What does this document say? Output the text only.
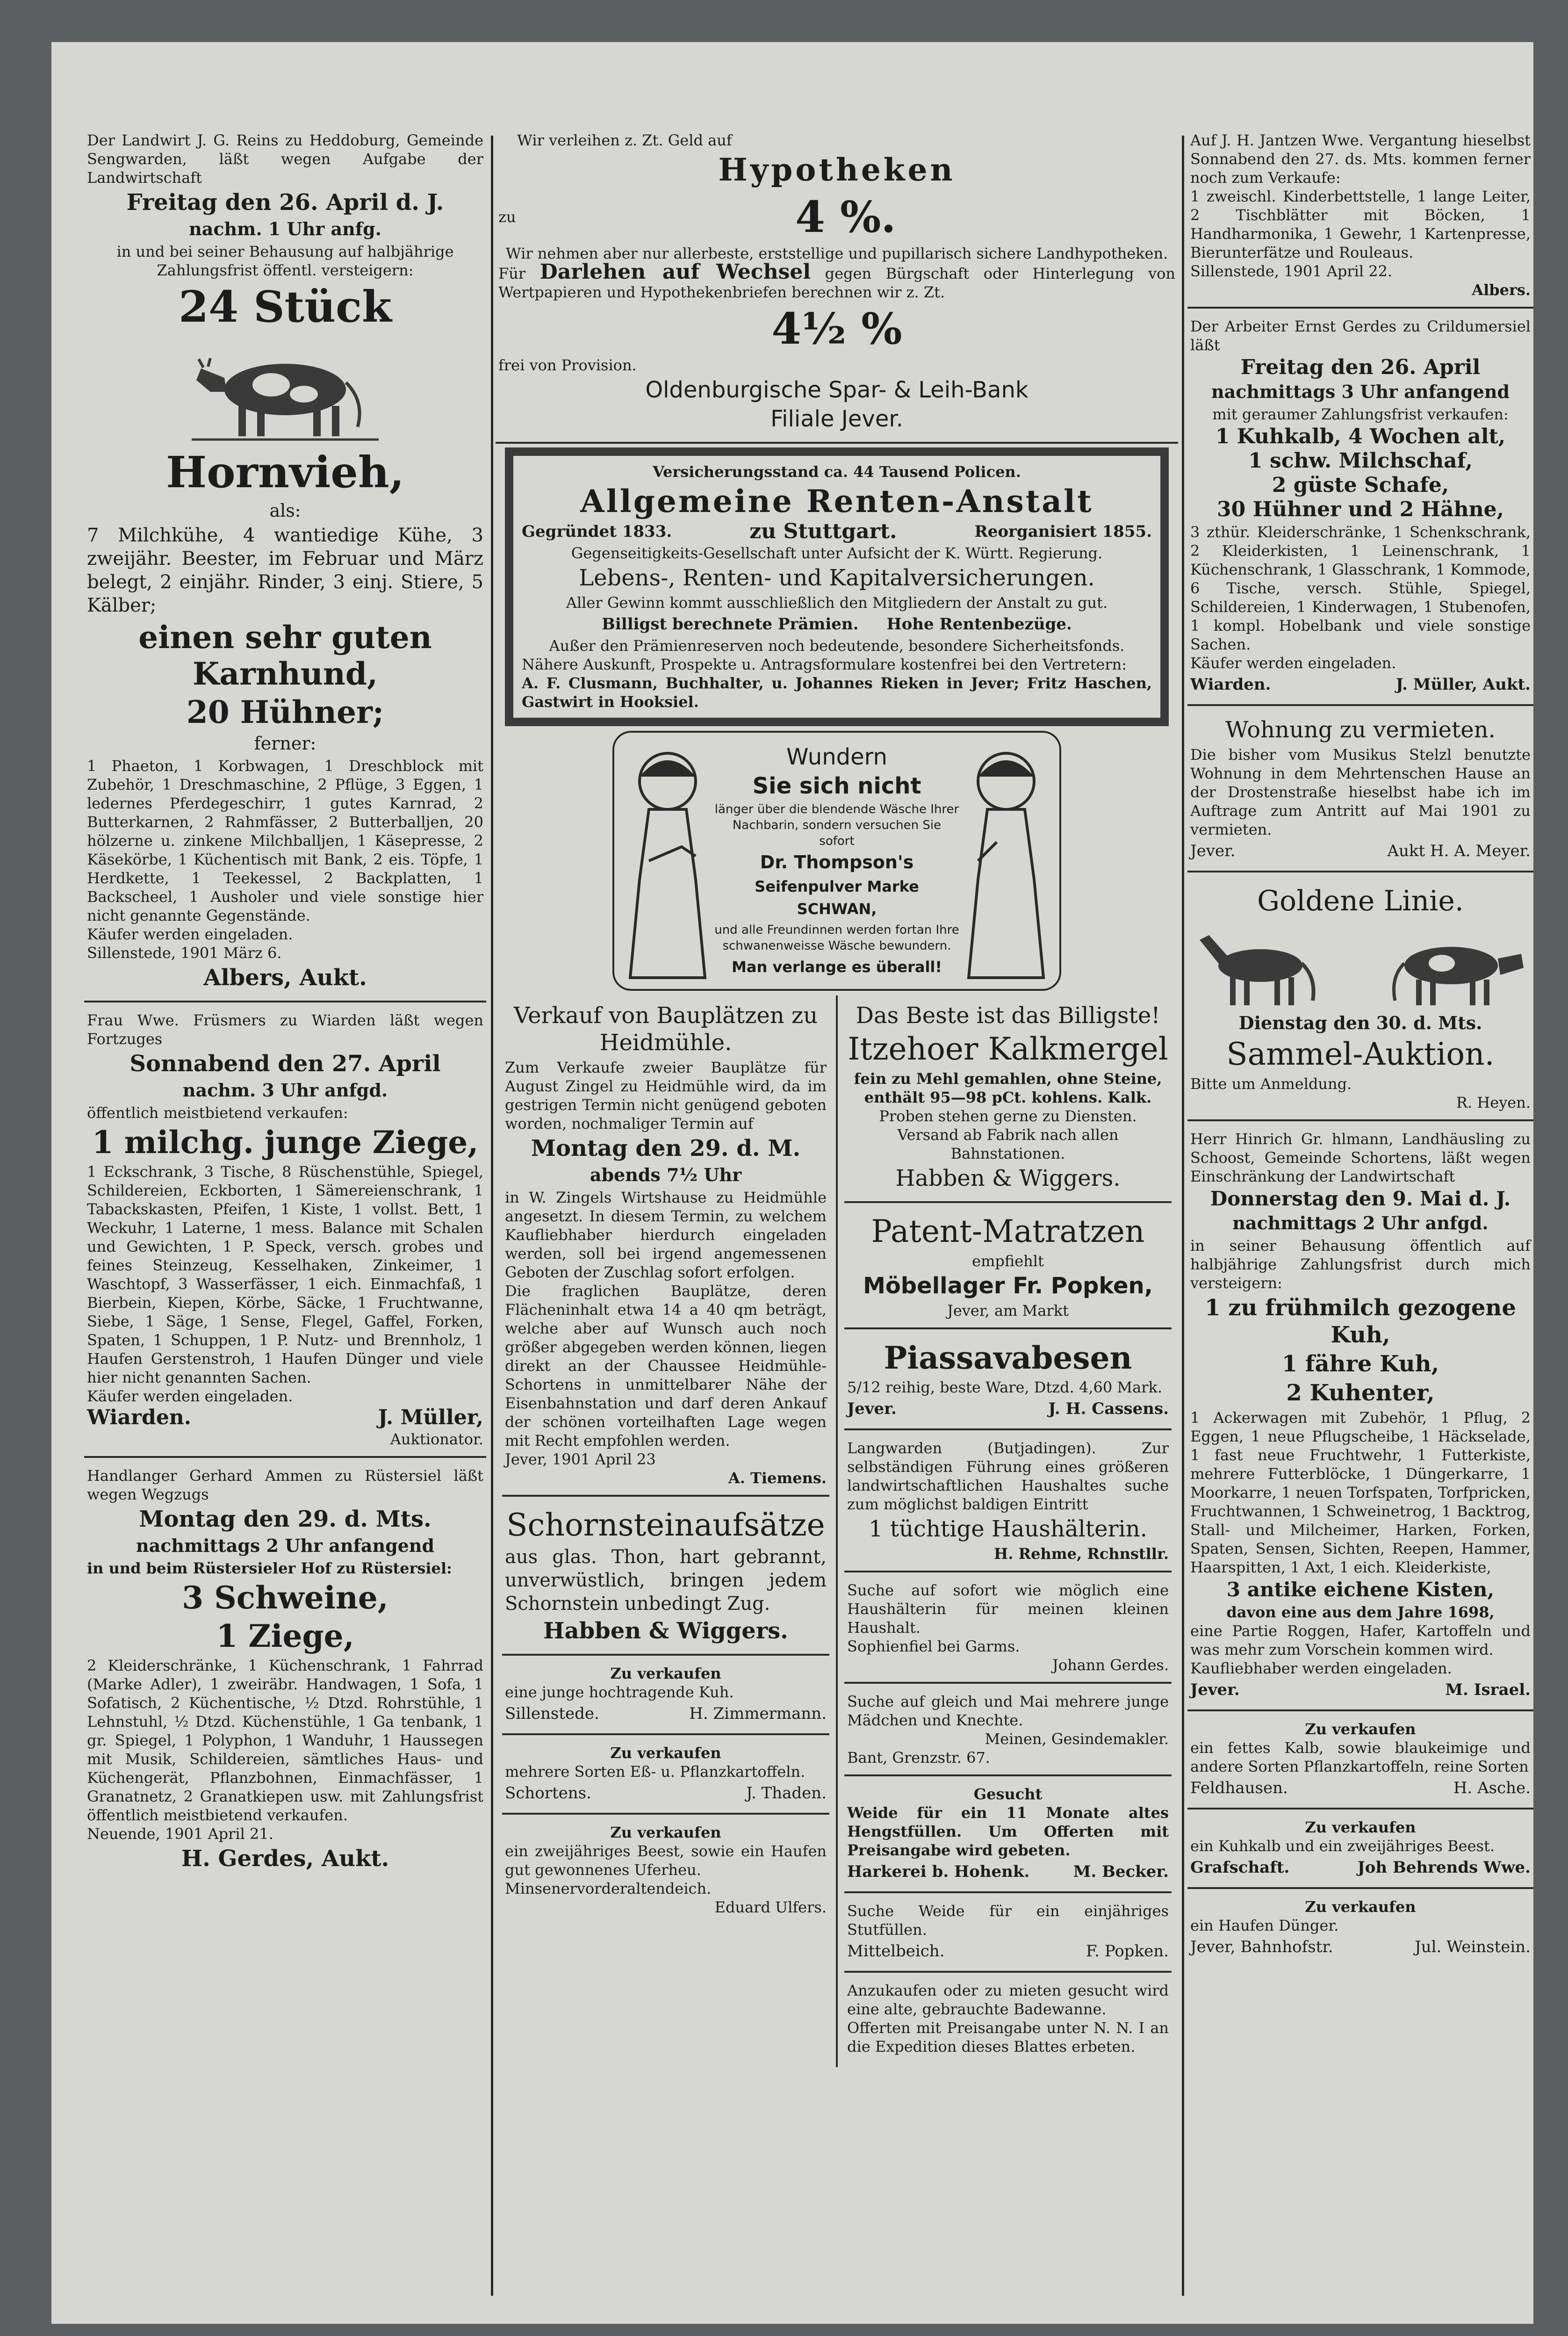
Der Landwirt J. G. Reins zu Heddoburg, Gemeinde Sengwarden, läßt wegen Aufgabe der Landwirtschaft

Freitag den 26. April d. J.

nachm. 1 Uhr anfg.

in und bei seiner Behausung auf halbjährige Zahlungsfrist öffentl. versteigern:

24 Stück

Hornvieh,

als:

7 Milchkühe, 4 wantiedige Kühe, 3 zweijähr. Beester, im Februar und März belegt, 2 einjähr. Rinder, 3 einj. Stiere, 5 Kälber;

einen sehr guten Karnhund,

20 Hühner;

ferner:

1 Phaeton, 1 Korbwagen, 1 Dreschblock mit Zubehör, 1 Dreschmaschine, 2 Pflüge, 3 Eggen, 1 ledernes Pferdegeschirr, 1 gutes Karnrad, 2 Butterkarnen, 2 Rahmfässer, 2 Butterballjen, 20 hölzerne u. zinkene Milchballjen, 1 Käsepresse, 2 Käsekörbe, 1 Küchentisch mit Bank, 2 eis. Töpfe, 1 Herdkette, 1 Teekessel, 2 Backplatten, 1 Backscheel, 1 Ausholer und viele sonstige hier nicht genannte Gegenstände.

Käufer werden eingeladen.

Sillenstede, 1901 März 6.

Albers, Aukt.

Frau Wwe. Früsmers zu Wiarden läßt wegen Fortzuges

Sonnabend den 27. April

nachm. 3 Uhr anfgd.

öffentlich meistbietend verkaufen:

1 milchg. junge Ziege,

1 Eckschrank, 3 Tische, 8 Rüschenstühle, Spiegel, Schildereien, Eckborten, 1 Sämereienschrank, 1 Tabackskasten, Pfeifen, 1 Kiste, 1 vollst. Bett, 1 Weckuhr, 1 Laterne, 1 mess. Balance mit Schalen und Gewichten, 1 P. Speck, versch. grobes und feines Steinzeug, Kesselhaken, Zinkeimer, 1 Waschtopf, 3 Wasserfässer, 1 eich. Einmachfaß, 1 Bierbein, Kiepen, Körbe, Säcke, 1 Fruchtwanne, Siebe, 1 Säge, 1 Sense, Flegel, Gaffel, Forken, Spaten, 1 Schuppen, 1 P. Nutz- und Brennholz, 1 Haufen Gerstenstroh, 1 Haufen Dünger und viele hier nicht genannten Sachen.

Käufer werden eingeladen.

Wiarden.	J. Müller,

Auktionator.

Handlanger Gerhard Ammen zu Rüstersiel läßt wegen Wegzugs

Montag den 29. d. Mts.

nachmittags 2 Uhr anfangend

in und beim Rüstersieler Hof zu Rüstersiel:

3 Schweine,

1 Ziege,

2 Kleiderschränke, 1 Küchenschrank, 1 Fahrrad (Marke Adler), 1 zweiräbr. Handwagen, 1 Sofa, 1 Sofatisch, 2 Küchentische, ½ Dtzd. Rohrstühle, 1 Lehnstuhl, ½ Dtzd. Küchenstühle, 1 Ga tenbank, 1 gr. Spiegel, 1 Polyphon, 1 Wanduhr, 1 Haussegen mit Musik, Schildereien, sämtliches Haus- und Küchengerät, Pflanzbohnen, Einmachfässer, 1 Granatnetz, 2 Granatkiepen usw. mit Zahlungsfrist öffentlich meistbietend verkaufen.

Neuende, 1901 April 21.

H. Gerdes, Aukt.

Wir verleihen z. Zt. Geld auf

Hypotheken

zu	4 %.

Wir nehmen aber nur allerbeste, erststellige und pupillarisch sichere Landhypotheken.

Für Darlehen auf Wechsel gegen Bürgschaft oder Hinterlegung von Wertpapieren und Hypothekenbriefen berechnen wir z. Zt.

4½ %

frei von Provision.

Oldenburgische Spar- & Leih-Bank

Filiale Jever.

Versicherungsstand ca. 44 Tausend Policen.

Allgemeine Renten-Anstalt

Gegründet 1833.	zu Stuttgart.	Reorganisiert 1855.

Gegenseitigkeits-Gesellschaft unter Aufsicht der K. Württ. Regierung.

Lebens-, Renten- und Kapitalversicherungen.

Aller Gewinn kommt ausschließlich den Mitgliedern der Anstalt zu gut.

Billigst berechnete Prämien. Hohe Rentenbezüge.

Außer den Prämienreserven noch bedeutende, besondere Sicherheitsfonds.

Nähere Auskunft, Prospekte u. Antragsformulare kostenfrei bei den Vertretern:

A. F. Clusmann, Buchhalter, u. Johannes Rieken in Jever; Fritz Haschen, Gastwirt in Hooksiel.

Wundern

Sie sich nicht

länger über die blendende Wäsche Ihrer Nachbarin, sondern versuchen Sie sofort

Dr. Thompson's

Seifenpulver Marke SCHWAN,

und alle Freundinnen werden fortan Ihre schwanenweisse Wäsche bewundern.

Man verlange es überall!

Verkauf von Bauplätzen zu Heidmühle.

Zum Verkaufe zweier Bauplätze für August Zingel zu Heidmühle wird, da im gestrigen Termin nicht genügend geboten worden, nochmaliger Termin auf

Montag den 29. d. M.

abends 7½ Uhr

in W. Zingels Wirtshause zu Heidmühle angesetzt. In diesem Termin, zu welchem Kaufliebhaber hierdurch eingeladen werden, soll bei irgend angemessenen Geboten der Zuschlag sofort erfolgen.

Die fraglichen Bauplätze, deren Flächeninhalt etwa 14 a 40 qm beträgt, welche aber auf Wunsch auch noch größer abgegeben werden können, liegen direkt an der Chaussee Heidmühle-Schortens in unmittelbarer Nähe der Eisenbahnstation und darf deren Ankauf der schönen vorteilhaften Lage wegen mit Recht empfohlen werden.

Jever, 1901 April 23

A. Tiemens.

Schornsteinaufsätze

aus glas. Thon, hart gebrannt, unverwüstlich, bringen jedem Schornstein unbedingt Zug.

Habben & Wiggers.

Zu verkaufen

eine junge hochtragende Kuh.

Sillenstede.	H. Zimmermann.

Zu verkaufen

mehrere Sorten Eß- u. Pflanzkartoffeln.

Schortens.	J. Thaden.

Zu verkaufen

ein zweijähriges Beest, sowie ein Haufen gut gewonnenes Uferheu.

Minsenervorderaltendeich.

Eduard Ulfers.

Das Beste ist das Billigste!

Itzehoer Kalkmergel

fein zu Mehl gemahlen, ohne Steine, enthält 95—98 pCt. kohlens. Kalk.

Proben stehen gerne zu Diensten. Versand ab Fabrik nach allen Bahnstationen.

Habben & Wiggers.

Patent-Matratzen

empfiehlt

Möbellager Fr. Popken,

Jever, am Markt

Piassavabesen

5/12 reihig, beste Ware, Dtzd. 4,60 Mark.

Jever.	J. H. Cassens.

Langwarden (Butjadingen). Zur selbständigen Führung eines größeren landwirtschaftlichen Haushaltes suche zum möglichst baldigen Eintritt

1 tüchtige Haushälterin.

H. Rehme, Rchnstllr.

Suche auf sofort wie möglich eine Haushälterin für meinen kleinen Haushalt.

Sophienfiel bei Garms.

Johann Gerdes.

Suche auf gleich und Mai mehrere junge Mädchen und Knechte.

Meinen, Gesindemakler.

Bant, Grenzstr. 67.

Gesucht

Weide für ein 11 Monate altes Hengstfüllen. Um Offerten mit Preisangabe wird gebeten.

Harkerei b. Hohenk.	M. Becker.

Suche Weide für ein einjähriges Stutfüllen.

Mittelbeich.	F. Popken.

Anzukaufen oder zu mieten gesucht wird eine alte, gebrauchte Badewanne.

Offerten mit Preisangabe unter N. N. I an die Expedition dieses Blattes erbeten.

Auf J. H. Jantzen Wwe. Vergantung hieselbst Sonnabend den 27. ds. Mts. kommen ferner noch zum Verkaufe:

1 zweischl. Kinderbettstelle, 1 lange Leiter, 2 Tischblätter mit Böcken, 1 Handharmonika, 1 Gewehr, 1 Kartenpresse, Bierunterfätze und Rouleaus.

Sillenstede, 1901 April 22.

Albers.

Der Arbeiter Ernst Gerdes zu Crildumersiel läßt

Freitag den 26. April

nachmittags 3 Uhr anfangend

mit geraumer Zahlungsfrist verkaufen:

1 Kuhkalb, 4 Wochen alt,

1 schw. Milchschaf,

2 güste Schafe,

30 Hühner und 2 Hähne,

3 zthür. Kleiderschränke, 1 Schenkschrank, 2 Kleiderkisten, 1 Leinenschrank, 1 Küchenschrank, 1 Glasschrank, 1 Kommode, 6 Tische, versch. Stühle, Spiegel, Schildereien, 1 Kinderwagen, 1 Stubenofen, 1 kompl. Hobelbank und viele sonstige Sachen.

Käufer werden eingeladen.

Wiarden.	J. Müller, Aukt.

Wohnung zu vermieten.

Die bisher vom Musikus Stelzl benutzte Wohnung in dem Mehrtenschen Hause an der Drostenstraße hieselbst habe ich im Auftrage zum Antritt auf Mai 1901 zu vermieten.

Jever.	Aukt H. A. Meyer.

Goldene Linie.

Dienstag den 30. d. Mts.

Sammel-Auktion.

Bitte um Anmeldung.

R. Heyen.

Herr Hinrich Gr. hlmann, Landhäusling zu Schoost, Gemeinde Schortens, läßt wegen Einschränkung der Landwirtschaft

Donnerstag den 9. Mai d. J.

nachmittags 2 Uhr anfgd.

in seiner Behausung öffentlich auf halbjährige Zahlungsfrist durch mich versteigern:

1 zu frühmilch gezogene Kuh,

1 fähre Kuh,

2 Kuhenter,

1 Ackerwagen mit Zubehör, 1 Pflug, 2 Eggen, 1 neue Pflugscheibe, 1 Häckselade, 1 fast neue Fruchtwehr, 1 Futterkiste, mehrere Futterblöcke, 1 Düngerkarre, 1 Moorkarre, 1 neuen Torfspaten, Torfpricken, Fruchtwannen, 1 Schweinetrog, 1 Backtrog, Stall- und Milcheimer, Harken, Forken, Spaten, Sensen, Sichten, Reepen, Hammer, Haarspitten, 1 Axt, 1 eich. Kleiderkiste,

3 antike eichene Kisten,

davon eine aus dem Jahre 1698,

eine Partie Roggen, Hafer, Kartoffeln und was mehr zum Vorschein kommen wird.

Kaufliebhaber werden eingeladen.

Jever.	M. Israel.

Zu verkaufen

ein fettes Kalb, sowie blaukeimige und andere Sorten Pflanzkartoffeln, reine Sorten

Feldhausen.	H. Asche.

Zu verkaufen

ein Kuhkalb und ein zweijähriges Beest.

Grafschaft.	Joh Behrends Wwe.

Zu verkaufen

ein Haufen Dünger.

Jever, Bahnhofstr.	Jul. Weinstein.
